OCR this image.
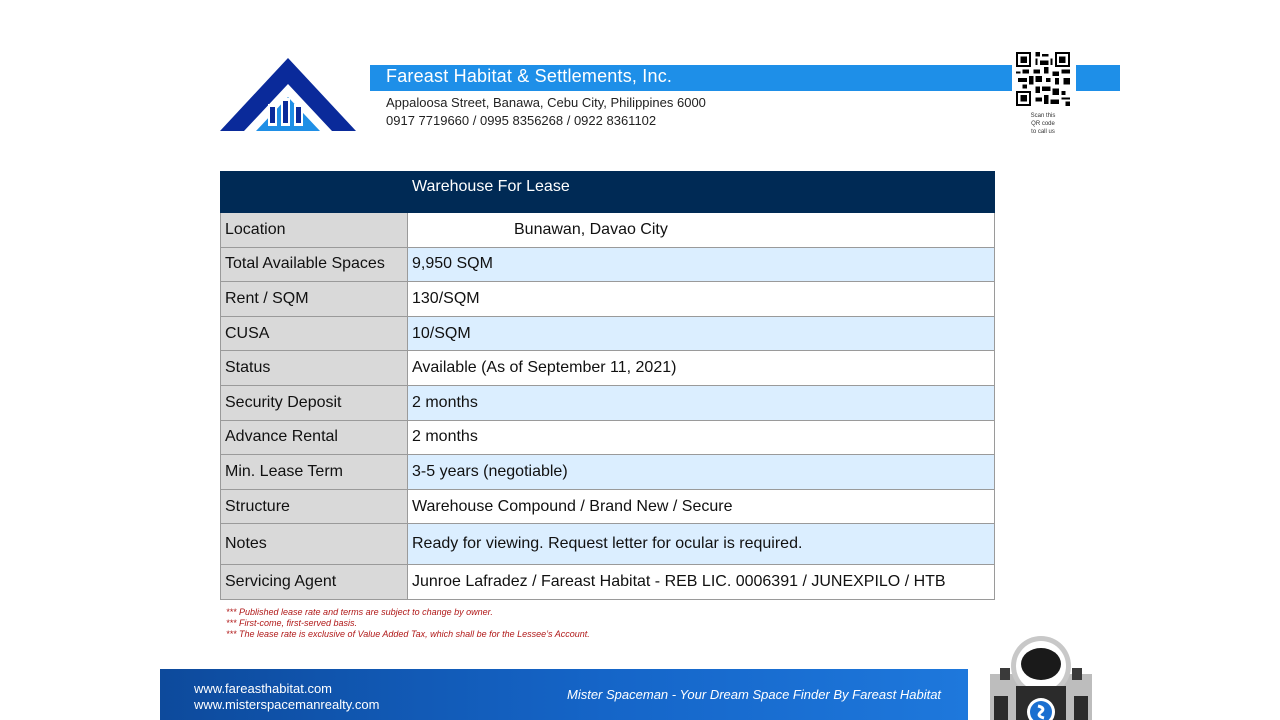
Fareast Habitat & Settlements, Inc.
Appaloosa Street, Banawa, Cebu City, Philippines 6000
0917 7719660 / 0995 8356268 / 0922 8361102	Scan this
QR code
to call us
	Warehouse For Lease
Location	Bunawan, Davao City
Total Available Spaces	9,950 SQM
Rent / SQM	130/SQM
CUSA	10/SQM
Status	Available (As of September 11, 2021)
Security Deposit	2 months
Advance Rental	2 months
Min. Lease Term	3-5 years (negotiable)
Structure	Warehouse Compound / Brand New / Secure
Notes	Ready for viewing. Request letter for ocular is required.
Servicing Agent	Junroe Lafradez / Fareast Habitat - REB LIC. 0006391 / JUNEXPILO / HTB
*** Published lease rate and terms are subject to change by owner.
*** First-come, first-served basis.
*** The lease rate is exclusive of Value Added Tax, which shall be for the Lessee’s Account.
www.fareasthabitat.com
www.misterspacemanrealty.com
Mister Spaceman - Your Dream Space Finder By Fareast Habitat
